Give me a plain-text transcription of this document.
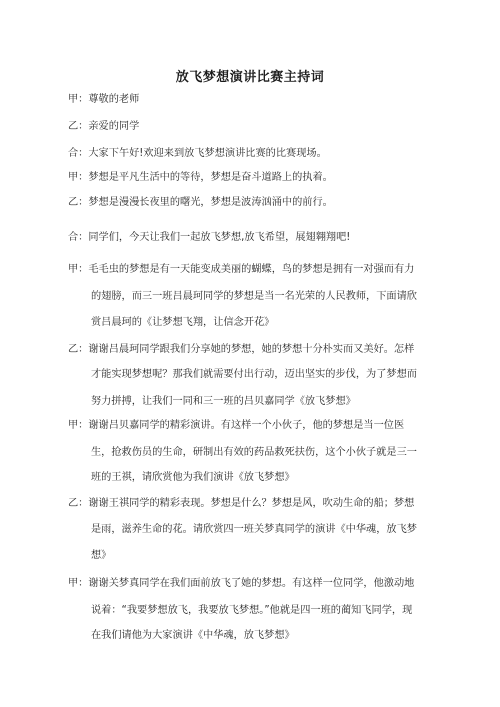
放飞梦想演讲比赛主持词
甲：尊敬的老师
乙：亲爱的同学
合：大家下午好!欢迎来到放飞梦想演讲比赛的比赛现场。
甲：梦想是平凡生活中的等待，梦想是奋斗道路上的执着。
乙：梦想是漫漫长夜里的曙光，梦想是波涛汹涌中的前行。
合：同学们，今天让我们一起放飞梦想,放飞希望，展翅翱翔吧!
甲：毛毛虫的梦想是有一天能变成美丽的蝴蝶，鸟的梦想是拥有一对强而有力
的翅膀，而三一班吕晨珂同学的梦想是当一名光荣的人民教师，下面请欣
赏吕晨珂的《让梦想飞翔，让信念开花》
乙：谢谢吕晨珂同学跟我们分享她的梦想，她的梦想十分朴实而又美好。怎样
才能实现梦想呢？那我们就需要付出行动，迈出坚实的步伐，为了梦想而
努力拼搏，让我们一同和三一班的吕贝嘉同学《放飞梦想》
甲：谢谢吕贝嘉同学的精彩演讲。有这样一个小伙子，他的梦想是当一位医
生，抢救伤员的生命，研制出有效的药品救死扶伤，这个小伙子就是三一
班的王祺，请欣赏他为我们演讲《放飞梦想》
乙：谢谢王祺同学的精彩表现。梦想是什么？梦想是风，吹动生命的船；梦想
是雨，滋养生命的花。请欣赏四一班关梦真同学的演讲《中华魂，放飞梦
想》
甲：谢谢关梦真同学在我们面前放飞了她的梦想。有这样一位同学，他激动地
说着：“我要梦想放飞，我要放飞梦想。”他就是四一班的蔺知飞同学，现
在我们请他为大家演讲《中华魂，放飞梦想》
